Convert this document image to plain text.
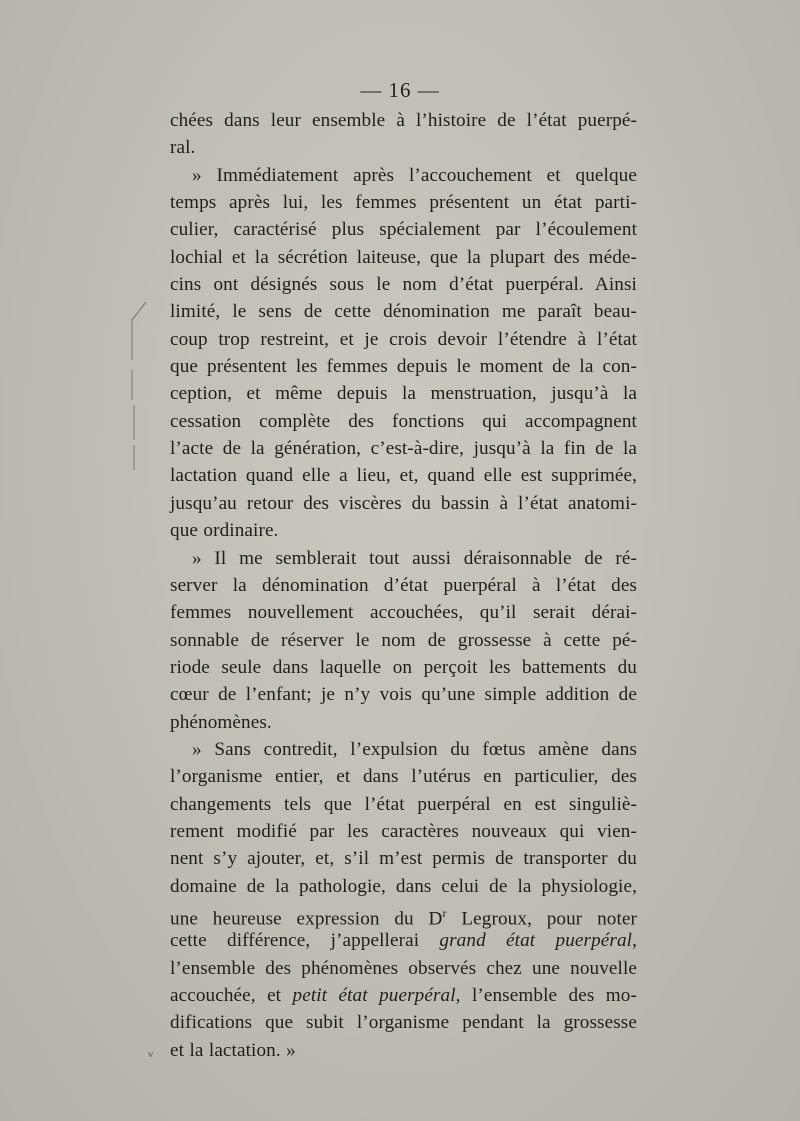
— 16 —
chées dans leur ensemble à l’histoire de l’état puerpé-
ral.
» Immédiatement après l’accouchement et quelque
temps après lui, les femmes présentent un état parti-
culier, caractérisé plus spécialement par l’écoulement
lochial et la sécrétion laiteuse, que la plupart des méde-
cins ont désignés sous le nom d’état puerpéral. Ainsi
limité, le sens de cette dénomination me paraît beau-
coup trop restreint, et je crois devoir l’étendre à l’état
que présentent les femmes depuis le moment de la con-
ception, et même depuis la menstruation, jusqu’à la
cessation complète des fonctions qui accompagnent
l’acte de la génération, c’est-à-dire, jusqu’à la fin de la
lactation quand elle a lieu, et, quand elle est supprimée,
jusqu’au retour des viscères du bassin à l’état anatomi-
que ordinaire.
» Il me semblerait tout aussi déraisonnable de ré-
server la dénomination d’état puerpéral à l’état des
femmes nouvellement accouchées, qu’il serait dérai-
sonnable de réserver le nom de grossesse à cette pé-
riode seule dans laquelle on perçoit les battements du
cœur de l’enfant; je n’y vois qu’une simple addition de
phénomènes.
» Sans contredit, l’expulsion du fœtus amène dans
l’organisme entier, et dans l’utérus en particulier, des
changements tels que l’état puerpéral en est singuliè-
rement modifié par les caractères nouveaux qui vien-
nent s’y ajouter, et, s’il m’est permis de transporter du
domaine de la pathologie, dans celui de la physiologie,
une heureuse expression du $D^r$ Legroux, pour noter
cette différence, j’appellerai grand état puerpéral,
l’ensemble des phénomènes observés chez une nouvelle
accouchée, et petit état puerpéral, l’ensemble des mo-
difications que subit l’organisme pendant la grossesse
et la lactation. »
ν
